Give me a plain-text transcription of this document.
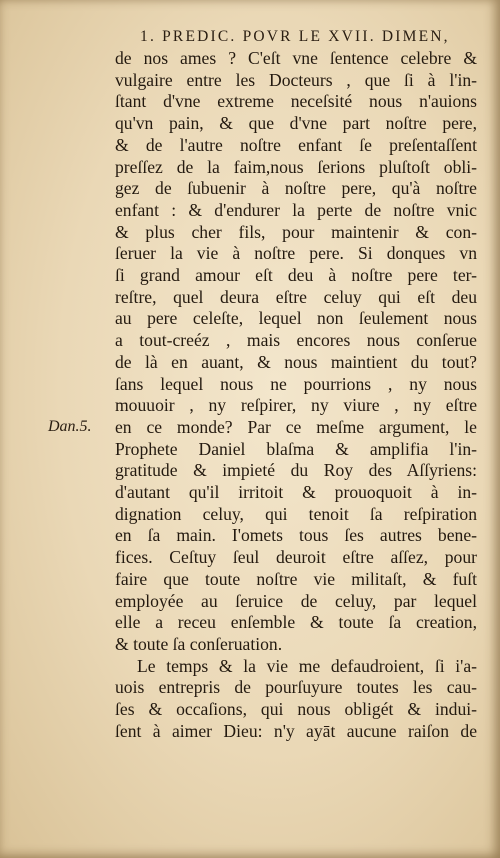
1. PREDIC. POVR LE XVII. DIMEN,
Dan.5.
de nos ames ? C'eſt vne ſentence celebre &
vulgaire entre les Docteurs , que ſi à l'in-
ſtant d'vne extreme neceſsité nous n'auions
qu'vn pain, & que d'vne part noſtre pere,
& de l'autre noſtre enfant ſe preſentaſſent
preſſez de la faim,nous ſerions pluſtoſt obli-
gez de ſubuenir à noſtre pere, qu'à noſtre
enfant : & d'endurer la perte de noſtre vnic
& plus cher fils, pour maintenir & con-
ſeruer la vie à noſtre pere. Si donques vn
ſi grand amour eſt deu à noſtre pere ter-
reſtre, quel deura eſtre celuy qui eſt deu
au pere celeſte, lequel non ſeulement nous
a tout-creéz , mais encores nous conſerue
de là en auant, & nous maintient du tout?
ſans lequel nous ne pourrions , ny nous
mouuoir , ny reſpirer, ny viure , ny eſtre
en ce monde? Par ce meſme argument, le
Prophete Daniel blaſma & amplifia l'in-
gratitude & impieté du Roy des Aſſyriens:
d'autant qu'il irritoit & prouoquoit à in-
dignation celuy, qui tenoit ſa reſpiration
en ſa main. I'omets tous ſes autres bene-
fices. Ceſtuy ſeul deuroit eſtre aſſez, pour
faire que toute noſtre vie militaſt, & fuſt
employée au ſeruice de celuy, par lequel
elle a receu enſemble & toute ſa creation,
& toute ſa conſeruation.
Le temps & la vie me defaudroient, ſi i'a-
uois entrepris de pourſuyure toutes les cau-
ſes & occaſions, qui nous obligét & indui-
ſent à aimer Dieu: n'y ayāt aucune raiſon de
